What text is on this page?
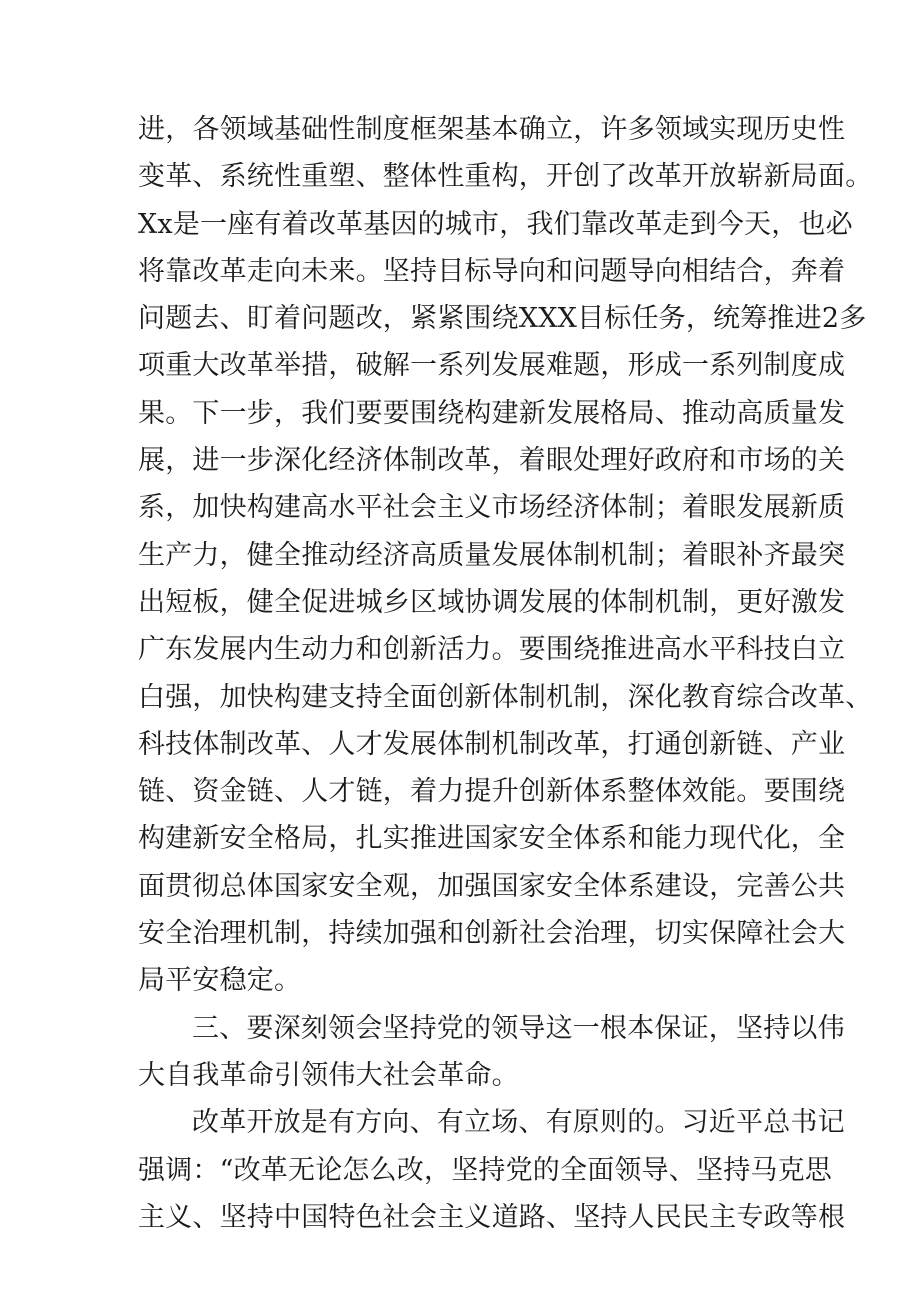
进，各领域基础性制度框架基本确立，许多领域实现历史性
变革、系统性重塑、整体性重构，开创了改革开放崭新局面。
Xx是一座有着改革基因的城市，我们靠改革走到今天，也必
将靠改革走向未来。坚持目标导向和问题导向相结合，奔着
问题去、盯着问题改，紧紧围绕XXX目标任务，统筹推进2多
项重大改革举措，破解一系列发展难题，形成一系列制度成
果。下一步，我们要要围绕构建新发展格局、推动高质量发
展，进一步深化经济体制改革，着眼处理好政府和市场的关
系，加快构建高水平社会主义市场经济体制；着眼发展新质
生产力，健全推动经济高质量发展体制机制；着眼补齐最突
出短板，健全促进城乡区域协调发展的体制机制，更好激发
广东发展内生动力和创新活力。要围绕推进高水平科技白立
白强，加快构建支持全面创新体制机制，深化教育综合改革、
科技体制改革、人才发展体制机制改革，打通创新链、产业
链、资金链、人才链，着力提升创新体系整体效能。要围绕
构建新安全格局，扎实推进国家安全体系和能力现代化，全
面贯彻总体国家安全观，加强国家安全体系建设，完善公共
安全治理机制，持续加强和创新社会治理，切实保障社会大
局平安稳定。
三、要深刻领会坚持党的领导这一根本保证，坚持以伟
大自我革命引领伟大社会革命。
改革开放是有方向、有立场、有原则的。习近平总书记
强调：“改革无论怎么改，坚持党的全面领导、坚持马克思
主义、坚持中国特色社会主义道路、坚持人民民主专政等根
